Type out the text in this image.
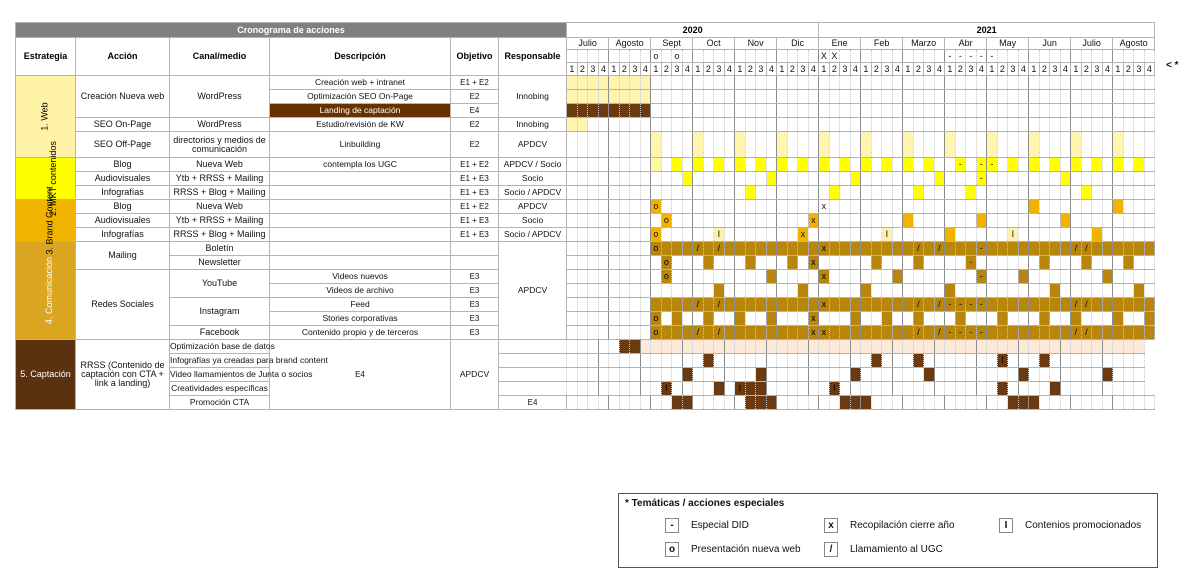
Cronograma de acciones						2020																								2021																															
Estrategia	Acción	Canal/medio	Descripción	Objetivo	Responsable	Julio				Agosto				Sept				Oct				Nov				Dic				Ene				Feb				Marzo				Abr				May				Jun				Julio				Agosto			
														o		o														X	X											-	-	-	-	-															
						1	2	3	4	1	2	3	4	1	2	3	4	1	2	3	4	1	2	3	4	1	2	3	4	1	2	3	4	1	2	3	4	1	2	3	4	1	2	3	4	1	2	3	4	1	2	3	4	1	2	3	4	1	2	3	4
1. Web	Creación Nueva web	WordPress	Creación web + intranet	E1 + E2	Innobing																																																								
			Optimización SEO On-Page	E2																																																									
			Landing de captación	E4																																																									
	SEO On-Page	WordPress	Estudio/revisión de KW	E2	Innobing																																																								
	SEO Off-Page	directorios y medios de comunicación	Linbuilding	E2	APDCV																																																								
2. MKT contenidos	Blog	Nueva Web	contempla los UGC	E1 + E2	APDCV / Socio																																						-		-	-															
	Audiovisuales	Ytb + RRSS + Mailing		E1 + E3	Socio																																								-																
	Infografías	RRSS + Blog + Mailing		E1 + E3	Socio / APDCV																																																								
3. Brand Content	Blog	Nueva Web		E1 + E2	APDCV									o																x																															
	Audiovisuales	Ytb + RRSS + Mailing		E1 + E3	Socio										o														x																																
	Infografías	RRSS + Blog + Mailing		E1 + E3	Socio / APDCV									o						I								x								I												I													
4. Comunicación	Mailing	Boletín			APDCV									o				/		/										x									/		/				-									/	/						
		Newsletter													o														x															-																	
	Redes Sociales	YouTube	Videos nuevos	E3											o															x															-																
			Videos de archivo	E3																																																									
		Instagram	Feed	E3														/		/										x									/		/	-	-	-	-									/	/						
			Stories corporativas	E3										o															x																																
		Facebook	Contenido propio y de terceros	E3										o				/		/									x	x									/		/	-	-	-	-									/	/						
5. Captación	RRSS (Contenido de captación con CTA + link a landing)	Optimización base de datos	E4	APDCV																																																									
		Infografías ya creadas para brand content																																													I														
		Video llamamientos de Junta o socios																																																											
		Creatividades específicas													I							I									I																														
		Promoción CTA			E4																																																								
< *
* Temáticas / acciones especiales
-	Especial DID	x	Recopilación cierre año	I	Contenios promocionados
o	Presentación nueva web	/	Llamamiento al UGC
